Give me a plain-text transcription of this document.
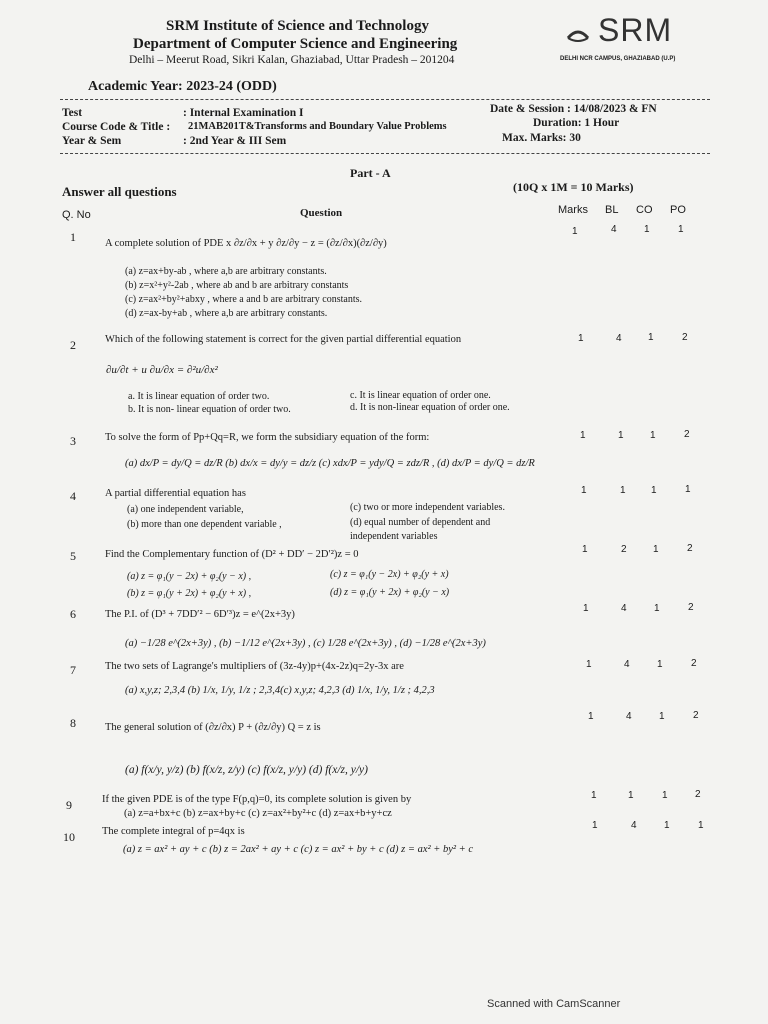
SRM Institute of Science and Technology
Department of Computer Science and Engineering
Delhi – Meerut Road, Sikri Kalan, Ghaziabad, Uttar Pradesh – 201204
SRM
DELHI NCR CAMPUS, GHAZIABAD (U.P)
Academic Year: 2023-24 (ODD)
Test	: Internal Examination I	Date & Session : 14/08/2023 & FN
Course Code & Title : 21MAB201T&Transforms and Boundary Value Problems	Duration: 1 Hour
Year & Sem	: 2nd Year & III Sem	Max. Marks: 30
Part - A
Answer all questions	(10Q x 1M = 10 Marks)
Q. No	Question	Marks BL CO PO
1	A complete solution of PDE x ∂z/∂x + y ∂z/∂y − z = (∂z/∂x)(∂z/∂y)
(a) z=ax+by-ab , where a,b are arbitrary constants.
(b) z=x²+y²-2ab , where ab and b are arbitrary constants
(c) z=ax²+by²+abxy , where a and b are arbitrary constants.
(d) z=ax-by+ab , where a,b are arbitrary constants.
1	4	1	1
2	Which of the following statement is correct for the given partial differential equation
∂u/∂t + u ∂u/∂x = ∂²u/∂x²
a. It is linear equation of order two.	c. It is linear equation of order one.
b. It is non- linear equation of order two.	d. It is non-linear equation of order one.
1	4	1	2
3	To solve the form of Pp+Qq=R, we form the subsidiary equation of the form:
(a) dx/P = dy/Q = dz/R (b) dx/x = dy/y = dz/z (c) xdx/P = ydy/Q = zdz/R , (d) dx/P = dy/Q = dz/R
1	1	1	2
4	A partial differential equation has
(a) one independent variable,	(c) two or more independent variables.
(b) more than one dependent variable ,	(d) equal number of dependent and independent variables
1	1	1	1
5	Find the Complementary function of (D² + DD′ − 2D′²)z = 0
(a) z = φ₁(y − 2x) + φ₂(y − x) ,	(c) z = φ₁(y − 2x) + φ₂(y + x)
(b) z = φ₁(y + 2x) + φ₂(y + x) ,	(d) z = φ₁(y + 2x) + φ₂(y − x)
1	2	1	2
6	The P.I. of (D³ + 7DD′² − 6D′³)z = e^(2x+3y)
(a) −1/28 e^(2x+3y) , (b) −1/12 e^(2x+3y) , (c) 1/28 e^(2x+3y) , (d) −1/28 e^(2x+3y)
1	4	1	2
7	The two sets of Lagrange's multipliers of (3z-4y)p+(4x-2z)q=2y-3x are
(a) x,y,z; 2,3,4 (b) 1/x, 1/y, 1/z ; 2,3,4(c) x,y,z; 4,2,3 (d) 1/x, 1/y, 1/z ; 4,2,3
1	4	1	2
8	The general solution of (∂z/∂x) P + (∂z/∂y) Q = z is
(a) f(x/y, y/z) (b) f(x/z, z/y) (c) f(x/z, y/y) (d) f(x/z, y/y)
1	4	1	2
9	If the given PDE is of the type F(p,q)=0, its complete solution is given by
(a) z=a+bx+c (b) z=ax+by+c (c) z=ax²+by²+c (d) z=ax+b+y+cz
1	1	1	2
10	The complete integral of p=4qx is
(a) z = ax² + ay + c (b) z = 2ax² + ay + c (c) z = ax² + by + c (d) z = ax² + by² + c
1	4	1	1
Scanned with CamScanner
